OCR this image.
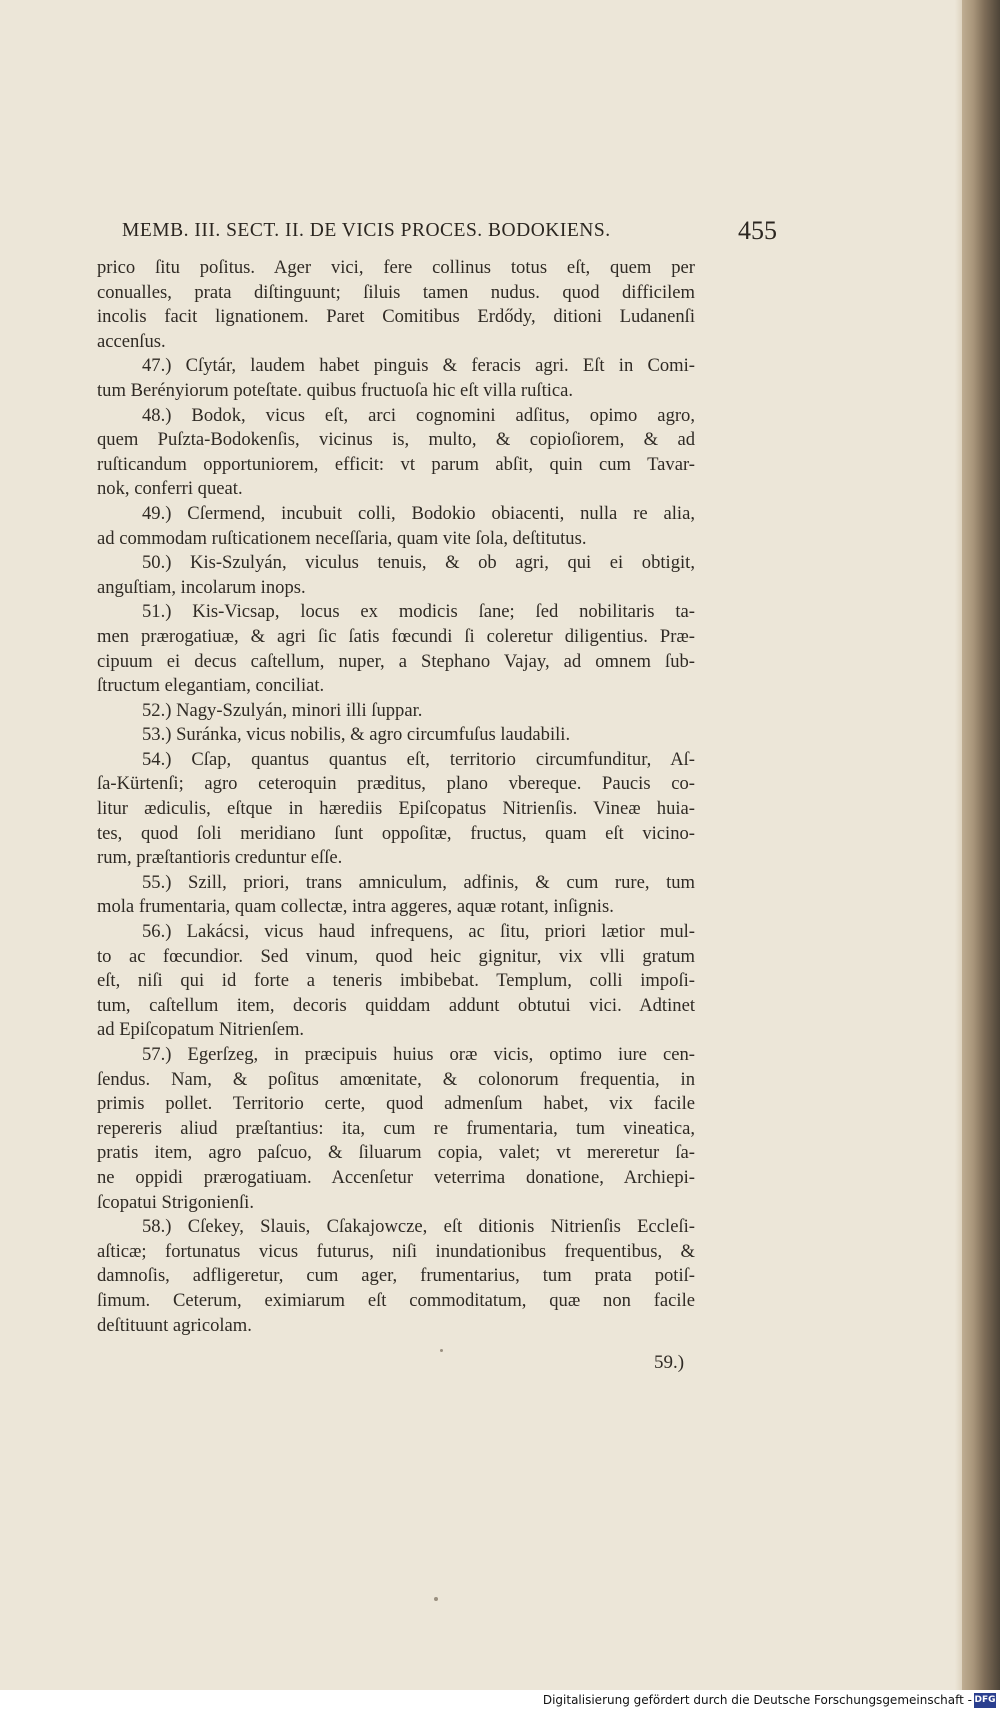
MEMB. III. SECT. II. DE VICIS PROCES. BODOKIENS.	455
prico ſitu poſitus. Ager vici, fere collinus totus eſt, quem per
conualles, prata diſtinguunt; ſiluis tamen nudus. quod difficilem
incolis facit lignationem. Paret Comitibus Erdődy, ditioni Ludanenſi
accenſus.
47.) Cſytár, laudem habet pinguis & feracis agri. Eſt in Comi-
tum Berényiorum poteſtate. quibus fructuoſa hic eſt villa ruſtica.
48.) Bodok, vicus eſt, arci cognomini adſitus, opimo agro,
quem Puſzta-Bodokenſis, vicinus is, multo, & copioſiorem, & ad
ruſticandum opportuniorem, efficit: vt parum abſit, quin cum Tavar-
nok, conferri queat.
49.) Cſermend, incubuit colli, Bodokio obiacenti, nulla re alia,
ad commodam ruſticationem neceſſaria, quam vite ſola, deſtitutus.
50.) Kis-Szulyán, viculus tenuis, & ob agri, qui ei obtigit,
anguſtiam, incolarum inops.
51.) Kis-Vicsap, locus ex modicis ſane; ſed nobilitaris ta-
men prærogatiuæ, & agri ſic ſatis fœcundi ſi coleretur diligentius. Præ-
cipuum ei decus caſtellum, nuper, a Stephano Vajay, ad omnem ſub-
ſtructum elegantiam, conciliat.
52.) Nagy-Szulyán, minori illi ſuppar.
53.) Suránka, vicus nobilis, & agro circumfuſus laudabili.
54.) Cſap, quantus quantus eſt, territorio circumfunditur, Aſ-
ſa-Kürtenſi; agro ceteroquin præditus, plano vbereque. Paucis co-
litur ædiculis, eſtque in hærediis Epiſcopatus Nitrienſis. Vineæ huia-
tes, quod ſoli meridiano ſunt oppoſitæ, fructus, quam eſt vicino-
rum, præſtantioris creduntur eſſe.
55.) Szill, priori, trans amniculum, adfinis, & cum rure, tum
mola frumentaria, quam collectæ, intra aggeres, aquæ rotant, inſignis.
56.) Lakácsi, vicus haud infrequens, ac ſitu, priori lætior mul-
to ac fœcundior. Sed vinum, quod heic gignitur, vix vlli gratum
eſt, niſi qui id forte a teneris imbibebat. Templum, colli impoſi-
tum, caſtellum item, decoris quiddam addunt obtutui vici. Adtinet
ad Epiſcopatum Nitrienſem.
57.) Egerſzeg, in præcipuis huius oræ vicis, optimo iure cen-
ſendus. Nam, & poſitus amœnitate, & colonorum frequentia, in
primis pollet. Territorio certe, quod admenſum habet, vix facile
repereris aliud præſtantius: ita, cum re frumentaria, tum vineatica,
pratis item, agro paſcuo, & ſiluarum copia, valet; vt mereretur ſa-
ne oppidi prærogatiuam. Accenſetur veterrima donatione, Archiepi-
ſcopatui Strigonienſi.
58.) Cſekey, Slauis, Cſakajowcze, eſt ditionis Nitrienſis Eccleſi-
aſticæ; fortunatus vicus futurus, niſi inundationibus frequentibus, &
damnoſis, adfligeretur, cum ager, frumentarius, tum prata potiſ-
ſimum. Ceterum, eximiarum eſt commoditatum, quæ non facile
deſtituunt agricolam.
59.)
Digitalisierung gefördert durch die Deutsche Forschungsgemeinschaft - DFG
